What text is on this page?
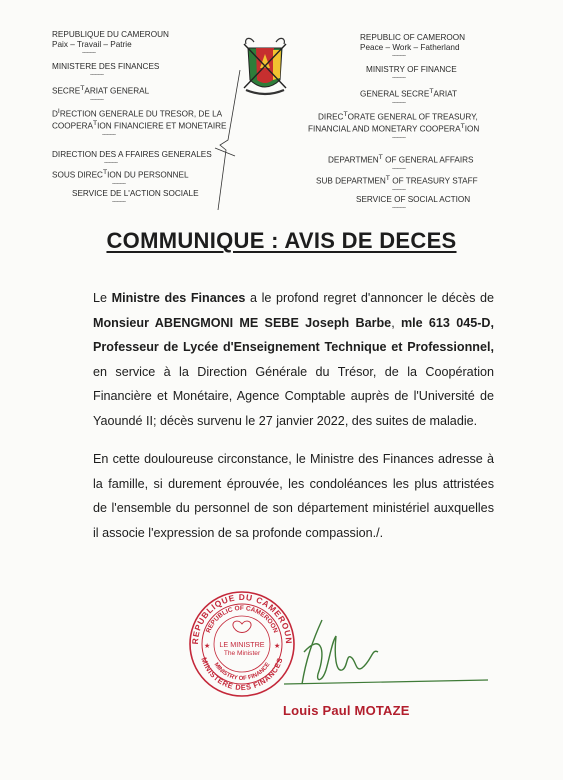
REPUBLIQUE DU CAMEROUN
Paix – Travail – Patrie
---------
MINISTERE DES FINANCES
---------
$SECRE^TARIAT$ GENERAL
---------
$D^IRECTION$ GENERALE DU TRESOR, DE LA
$COOPERA^TION$ FINANCIERE ET MONETAIRE
---------
DIRECTION DES A FFAIRES GENERALES
---------
SOUS $DIREC^TION$ DU PERSONNEL
---------
SERVICE DE L'ACTION SOCIALE
---------
REPUBLIC OF CAMEROON
Peace – Work – Fatherland
---------
MINISTRY OF FINANCE
---------
GENERAL $SECRE^TARIAT$
---------
$DIREC^TORATE$ GENERAL OF TREASURY,
FINANCIAL AND MONETARY $COOPERA^TION$
---------
$DEPARTMEN^T$ OF GENERAL AFFAIRS
---------
SUB $DEPARTMEN^T$ OF TREASURY STAFF
---------
SERVICE OF SOCIAL ACTION
---------
COMMUNIQUE : AVIS DE DECES

Le Ministre des Finances a le profond regret d'annoncer le décès de Monsieur ABENGMONI ME SEBE Joseph Barbe, mle 613 045-D, Professeur de Lycée d'Enseignement Technique et Professionnel, en service à la Direction Générale du Trésor, de la Coopération Financière et Monétaire, Agence Comptable auprès de l'Université de Yaoundé II; décès survenu le 27 janvier 2022, des suites de maladie.

En cette douloureuse circonstance, le Ministre des Finances adresse à la famille, si durement éprouvée, les condoléances les plus attristées de l'ensemble du personnel de son département ministériel auxquelles il associe l'expression de sa profonde compassion./.

REPUBLIQUE DU CAMEROUN
REPUBLIC OF CAMEROON
MINISTERE DES FINANCES
MINISTRY OF FINANCE
LE MINISTRE
The Minister
★	★
Louis Paul MOTAZE
